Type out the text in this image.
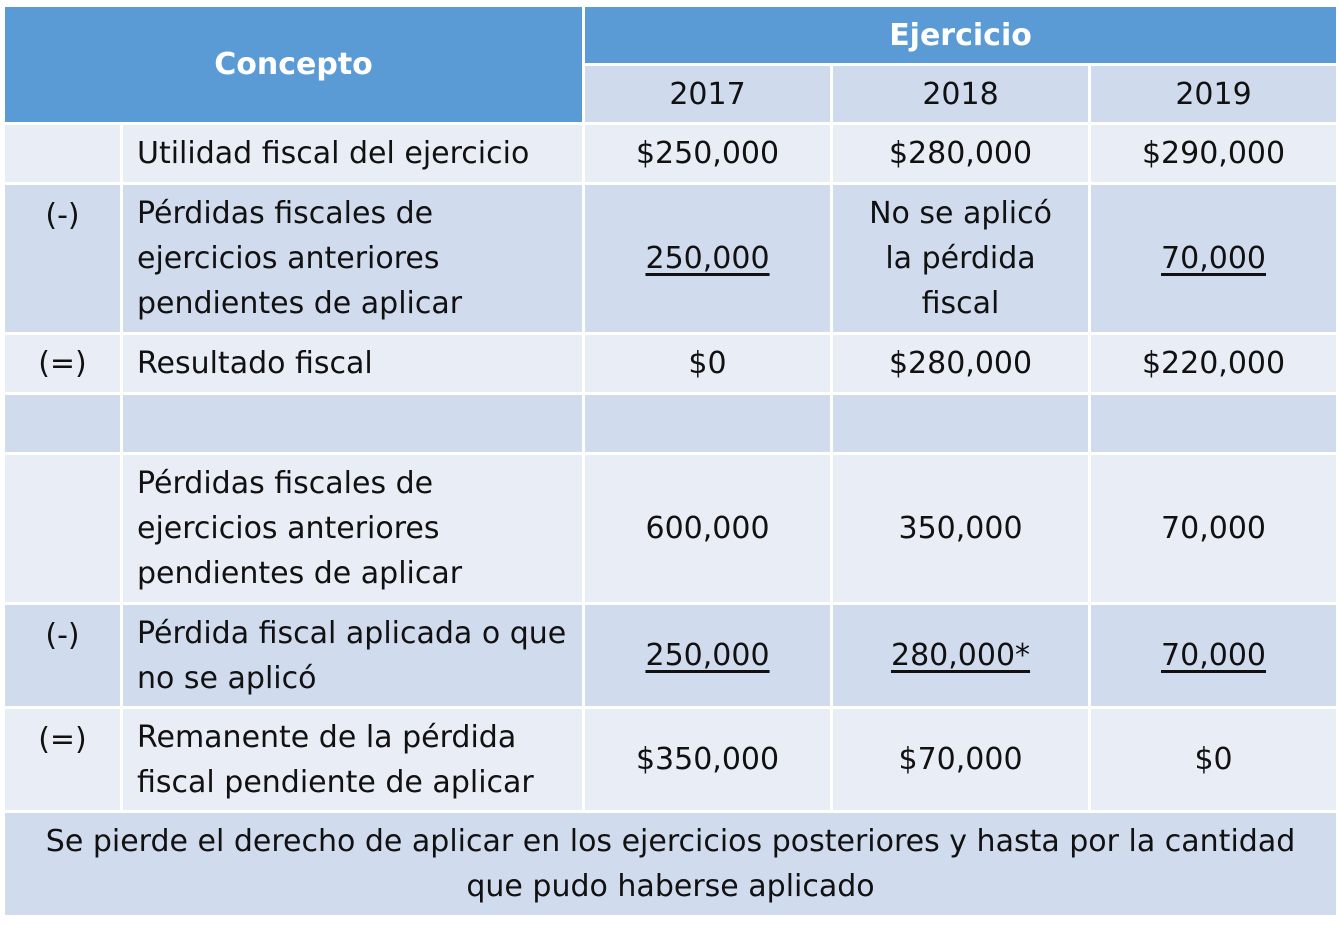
Concepto		Ejercicio		
		2017	2018	2019
	Utilidad fiscal del ejercicio	$250,000	$280,000	$290,000
(-)	Pérdidas fiscales de ejercicios anteriores pendientes de aplicar	250,000	No se aplicó la pérdida fiscal	70,000
(=)	Resultado fiscal	$0	$280,000	$220,000

	Pérdidas fiscales de ejercicios anteriores pendientes de aplicar	600,000	350,000	70,000
(-)	Pérdida fiscal aplicada o que no se aplicó	250,000	280,000*	70,000
(=)	Remanente de la pérdida fiscal pendiente de aplicar	$350,000	$70,000	$0
Se pierde el derecho de aplicar en los ejercicios posteriores y hasta por la cantidad que pudo haberse aplicado				
